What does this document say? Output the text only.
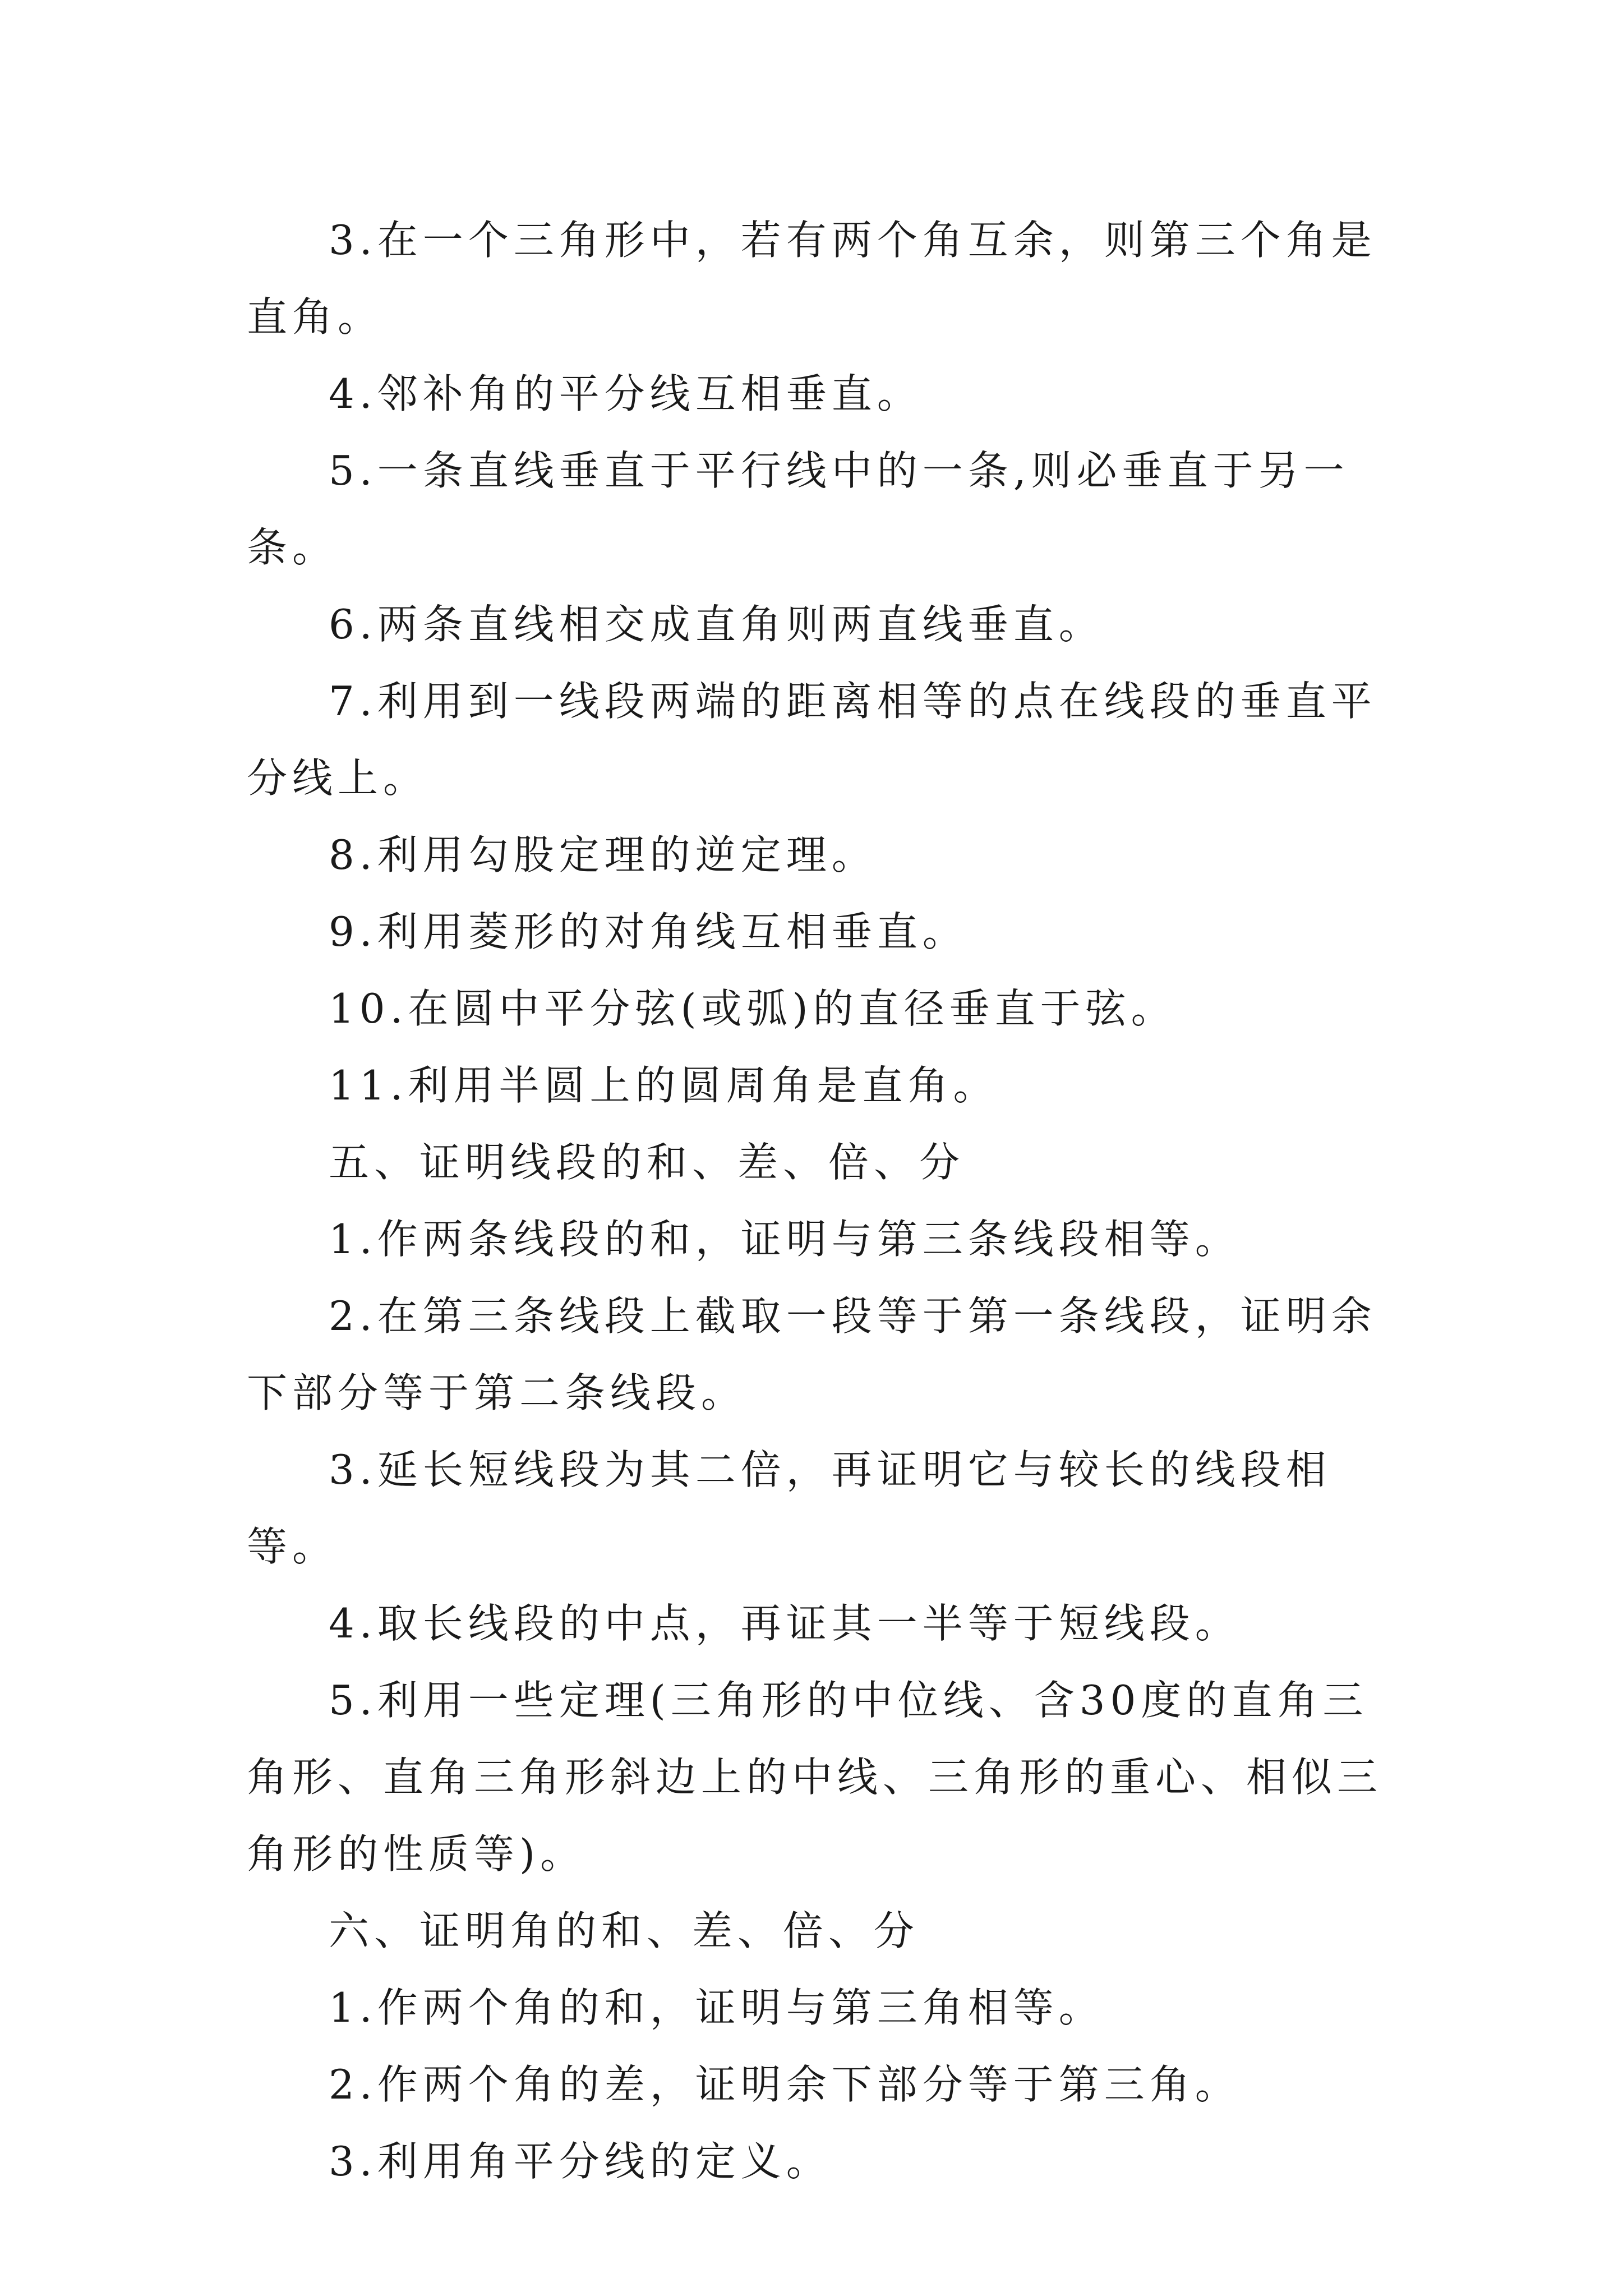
3.在一个三角形中，若有两个角互余，则第三个角是直角。

4.邻补角的平分线互相垂直。

5.一条直线垂直于平行线中的一条,则必垂直于另一条。

6.两条直线相交成直角则两直线垂直。

7.利用到一线段两端的距离相等的点在线段的垂直平分线上。

8.利用勾股定理的逆定理。

9.利用菱形的对角线互相垂直。

10.在圆中平分弦(或弧)的直径垂直于弦。

11.利用半圆上的圆周角是直角。

五、证明线段的和、差、倍、分

1.作两条线段的和，证明与第三条线段相等。

2.在第三条线段上截取一段等于第一条线段，证明余下部分等于第二条线段。

3.延长短线段为其二倍，再证明它与较长的线段相等。

4.取长线段的中点，再证其一半等于短线段。

5.利用一些定理(三角形的中位线、含30度的直角三角形、直角三角形斜边上的中线、三角形的重心、相似三角形的性质等)。

六、证明角的和、差、倍、分

1.作两个角的和，证明与第三角相等。

2.作两个角的差，证明余下部分等于第三角。

3.利用角平分线的定义。
